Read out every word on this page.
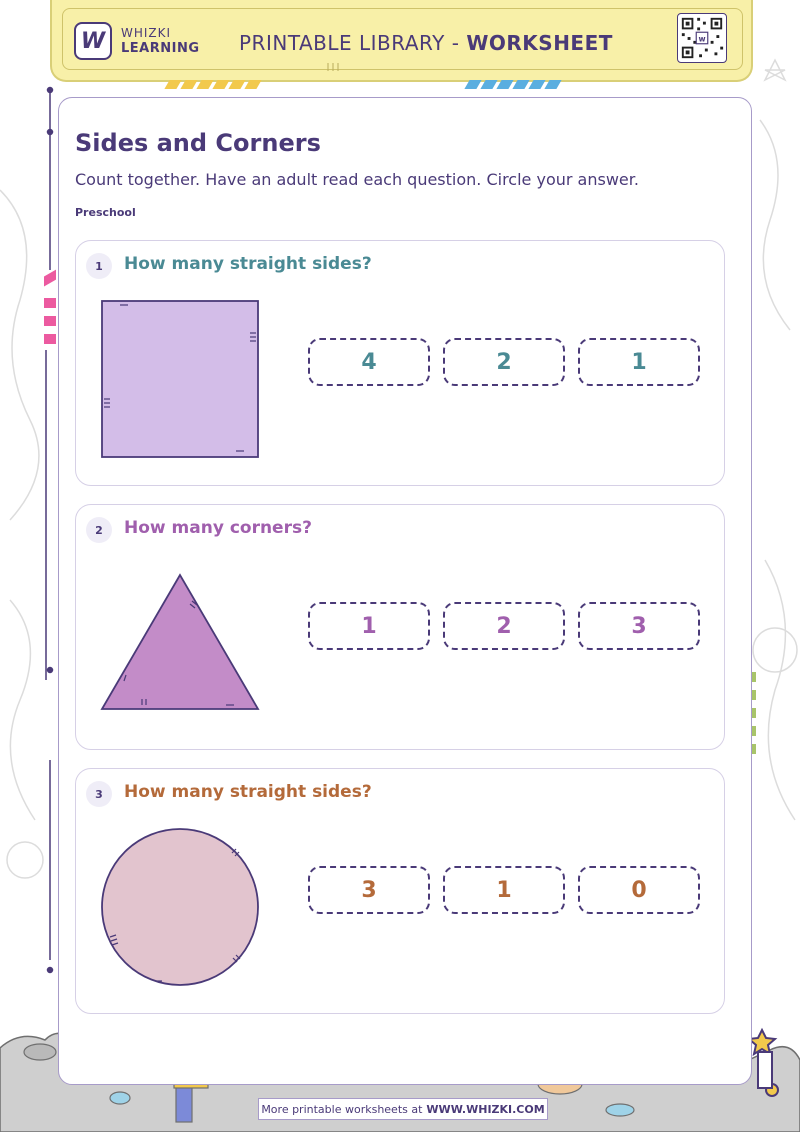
W WHIZKI
LEARNING PRINTABLE LIBRARY - WORKSHEET	w
Sides and Corners
Count together. Have an adult read each question. Circle your answer.
Preschool
1	How many straight sides?
4	2	1
2	How many corners?
1	2	3
3	How many straight sides?
3	1	0
More printable worksheets at WWW.WHIZKI.COM
